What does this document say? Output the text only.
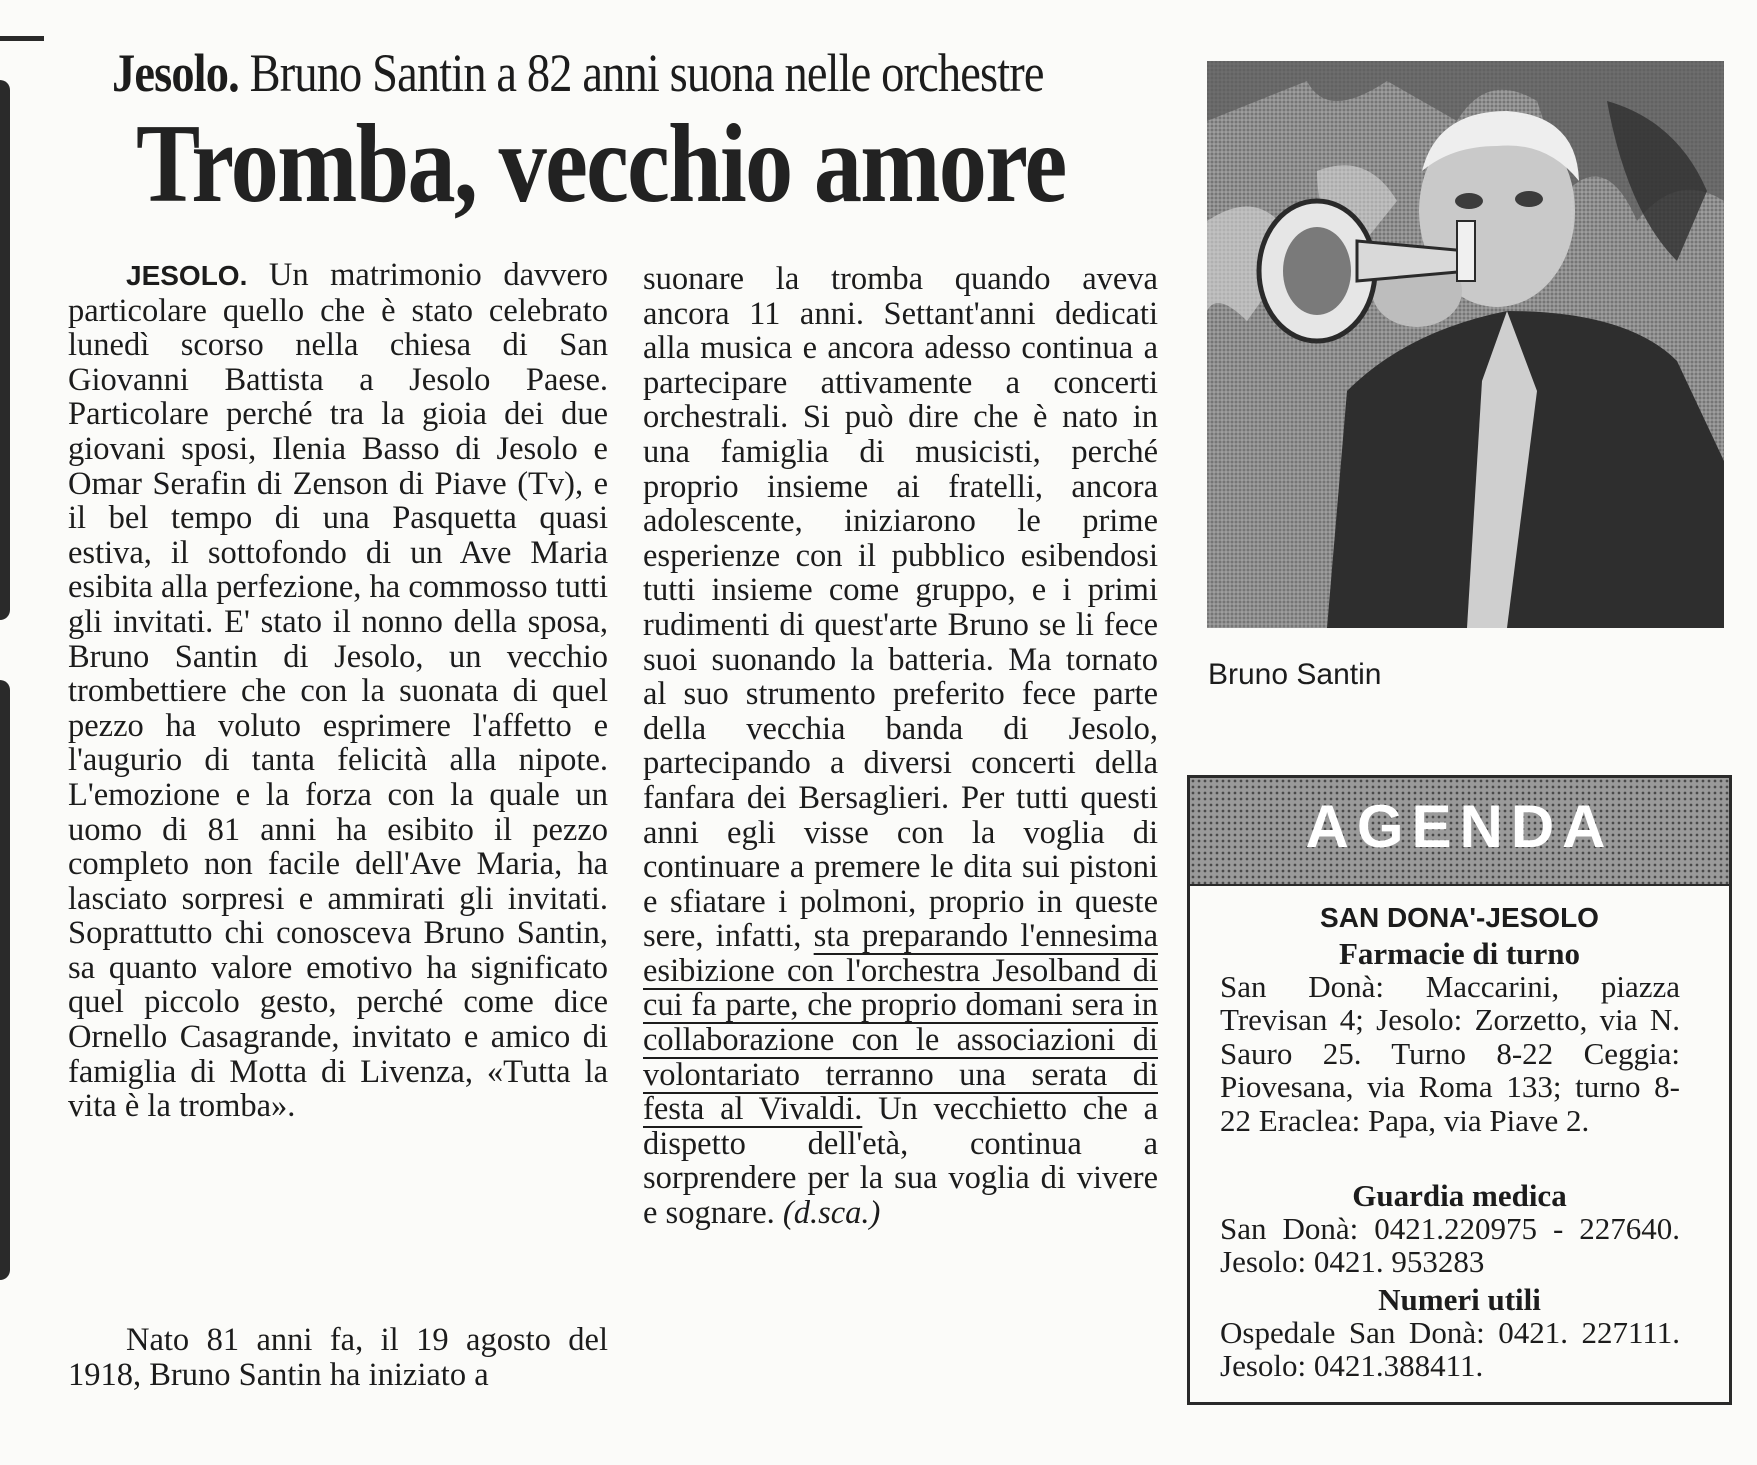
Jesolo. Bruno Santin a 82 anni suona nelle orchestre
Tromba, vecchio amore

JESOLO. Un matrimonio davvero particolare quello che è stato celebrato lunedì scorso nella chiesa di San Giovanni Battista a Jesolo Paese. Particolare perché tra la gioia dei due giovani sposi, Ilenia Basso di Jesolo e Omar Serafin di Zenson di Piave (Tv), e il bel tempo di una Pasquetta quasi estiva, il sottofondo di un Ave Maria esibita alla perfezione, ha commosso tutti gli invitati. E' stato il nonno della sposa, Bruno Santin di Jesolo, un vecchio trombettiere che con la suonata di quel pezzo ha voluto esprimere l'affetto e l'augurio di tanta felicità alla nipote. L'emozione e la forza con la quale un uomo di 81 anni ha esibito il pezzo completo non facile dell'Ave Maria, ha lasciato sorpresi e ammirati gli invitati. Soprattutto chi conosceva Bruno Santin, sa quanto valore emotivo ha significato quel piccolo gesto, perché come dice Ornello Casagrande, invitato e amico di famiglia di Motta di Livenza, «Tutta la vita è la tromba».

Nato 81 anni fa, il 19 agosto del 1918, Bruno Santin ha iniziato a

suonare la tromba quando aveva ancora 11 anni. Settant'anni dedicati alla musica e ancora adesso continua a partecipare attivamente a concerti orchestrali. Si può dire che è nato in una famiglia di musicisti, perché proprio insieme ai fratelli, ancora adolescente, iniziarono le prime esperienze con il pubblico esibendosi tutti insieme come gruppo, e i primi rudimenti di quest'arte Bruno se li fece suoi suonando la batteria. Ma tornato al suo strumento preferito fece parte della vecchia banda di Jesolo, partecipando a diversi concerti della fanfara dei Bersaglieri. Per tutti questi anni egli visse con la voglia di continuare a premere le dita sui pistoni e sfiatare i polmoni, proprio in queste sere, infatti, sta preparando l'ennesima esibizione con l'orchestra Jesolband di cui fa parte, che proprio domani sera in collaborazione con le associazioni di volontariato terranno una serata di festa al Vivaldi. Un vecchietto che a dispetto dell'età, continua a sorprendere per la sua voglia di vivere e sognare. (d.sca.)

Bruno Santin
AGENDA
SAN DONA'-JESOLO
Farmacie di turno

San Donà: Maccarini, piazza Trevisan 4; Jesolo: Zorzetto, via N. Sauro 25. Turno 8-22 Ceggia: Piovesana, via Roma 133; turno 8-22 Eraclea: Papa, via Piave 2.

Guardia medica

San Donà: 0421.220975 - 227640. Jesolo: 0421. 953283

Numeri utili

Ospedale San Donà: 0421. 227111. Jesolo: 0421.388411.
